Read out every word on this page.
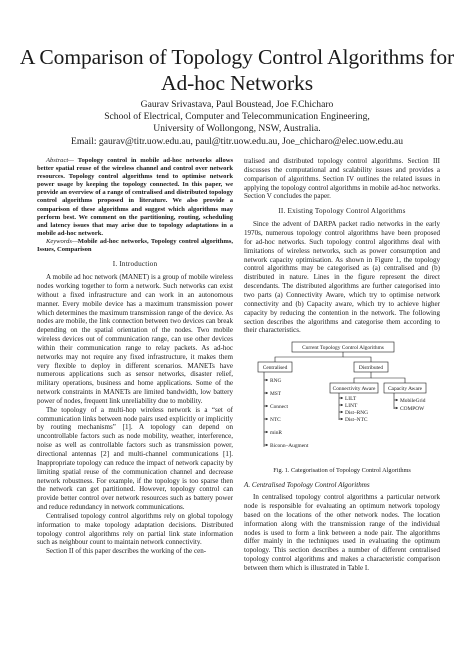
A Comparison of Topology Control Algorithms for
Ad-hoc Networks
Gaurav Srivastava, Paul Boustead, Joe F.Chicharo
School of Electrical, Computer and Telecommunication Engineering,
University of Wollongong, NSW, Australia.
Email: gaurav@titr.uow.edu.au, paul@titr.uow.edu.au, Joe_chicharo@elec.uow.edu.au

Abstract— Topology control in mobile ad-hoc networks allows better spatial reuse of the wireless channel and control over network resources. Topology control algorithms tend to optimise network power usage by keeping the topology connected. In this paper, we provide an overview of a range of centralised and distributed topology control algorithms proposed in literature. We also provide a comparison of these algorithms and suggest which algorithms may perform best. We comment on the partitioning, routing, scheduling and latency issues that may arise due to topology adaptations in a mobile ad-hoc network.

Keywords—Mobile ad-hoc networks, Topology control algorithms, Issues, Comparison

I. Introduction

A mobile ad hoc network (MANET) is a group of mobile wireless nodes working together to form a network. Such networks can exist without a fixed infrastructure and can work in an autonomous manner. Every mobile device has a maximum transmission power which determines the maximum transmission range of the device. As nodes are mobile, the link connection between two devices can break depending on the spatial orientation of the nodes. Two mobile wireless devices out of communication range, can use other devices within their communication range to relay packets. As ad-hoc networks may not require any fixed infrastructure, it makes them very flexible to deploy in different scenarios. MANETs have numerous applications such as sensor networks, disaster relief, military operations, business and home applications. Some of the network constraints in MANETs are limited bandwidth, low battery power of nodes, frequent link unreliability due to mobility.

The topology of a multi-hop wireless network is a “set of communication links between node pairs used explicitly or implicitly by routing mechanisms” [1]. A topology can depend on uncontrollable factors such as node mobility, weather, interference, noise as well as controllable factors such as transmission power, directional antennas [2] and multi-channel communications [1]. Inappropriate topology can reduce the impact of network capacity by limiting spatial reuse of the communication channel and decrease network robustness. For example, if the topology is too sparse then the network can get partitioned. However, topology control can provide better control over network resources such as battery power and reduce redundancy in network communications.

Centralised topology control algorithms rely on global topology information to make topology adaptation decisions. Distributed topology control algorithms rely on partial link state information such as neighbour count to maintain network connectivity.

Section II of this paper describes the working of the cen-

tralised and distributed topology control algorithms. Section III discusses the computational and scalability issues and provides a comparison of algorithms. Section IV outlines the related issues in applying the topology control algorithms in mobile ad-hoc networks. Section V concludes the paper.

II. Existing Topology Control Algorithms

Since the advent of DARPA packet radio networks in the early 1970s, numerous topology control algorithms have been proposed for ad-hoc networks. Such topology control algorithms deal with limitations of wireless networks, such as power consumption and network capacity optimisation. As shown in Figure 1, the topology control algorithms may be categorised as (a) centralised and (b) distributed in nature. Lines in the figure represent the direct descendants. The distributed algorithms are further categorised into two parts (a) Connectivity Aware, which try to optimise network connectivity and (b) Capacity aware, which try to achieve higher capacity by reducing the contention in the network. The following section describes the algorithms and categorise them according to their characteristics.

Current Topology Control Algorithms
Centralised	Distributed
Connectivity Aware Capacity Aware
RNG
MST
Connect
NTC
minR
Biconn–Augment
LILT
LINT
Dist–RNG
Dist–NTC
MobileGrid
COMPOW
Fig. 1. Categorisation of Topology Control Algorithms
A. Centralised Topology Control Algorithms

In centralised topology control algorithms a particular network node is responsible for evaluating an optimum network topology based on the locations of the other network nodes. The location information along with the transmission range of the individual nodes is used to form a link between a node pair. The algorithms differ mainly in the techniques used in evaluating the optimum topology. This section describes a number of different centralised topology control algorithms and makes a characteristic comparison between them which is illustrated in Table I.
